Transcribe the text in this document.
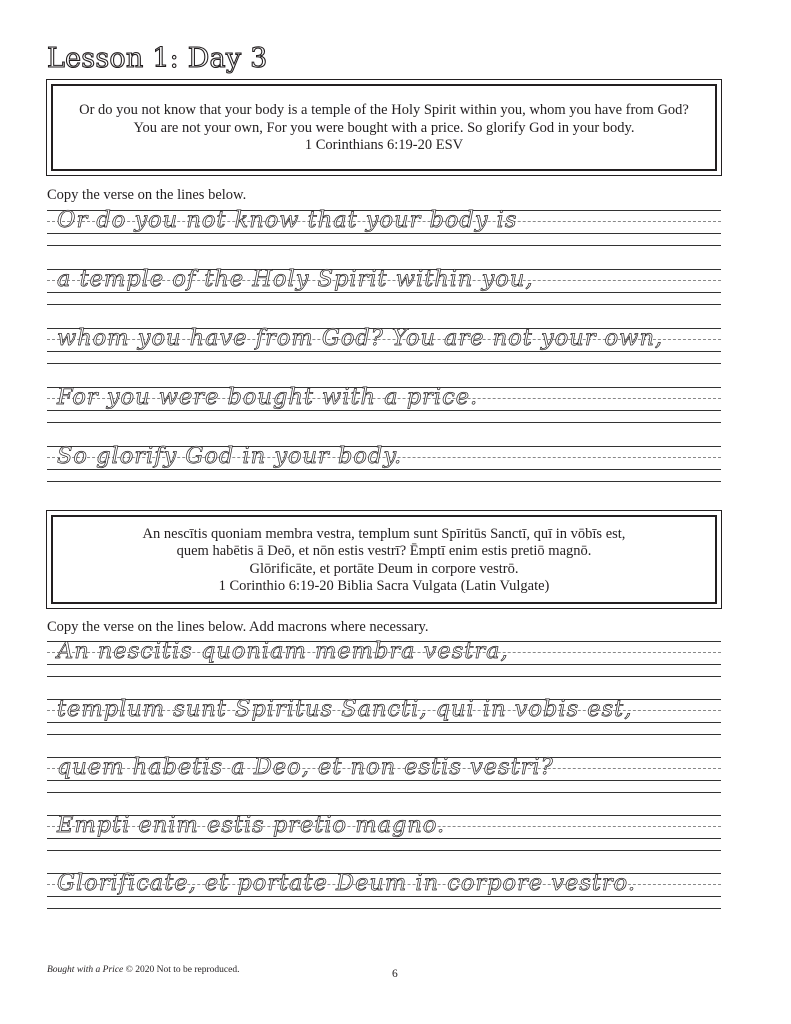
Lesson 1: Day 3
Or do you not know that your body is a temple of the Holy Spirit within you, whom you have from God?
You are not your own, For you were bought with a price. So glorify God in your body.
1 Corinthians 6:19-20 ESV
Copy the verse on the lines below.
Or do you not know that your body is
a temple of the Holy Spirit within you,
whom you have from God? You are not your own,
For you were bought with a price.
So glorify God in your body.
An nescītis quoniam membra vestra, templum sunt Spīritūs Sanctī, quī in vōbīs est,
quem habētis ā Deō, et nōn estis vestrī? Ēmptī enim estis pretiō magnō.
Glōrificāte, et portāte Deum in corpore vestrō.
1 Corinthio 6:19-20 Biblia Sacra Vulgata (Latin Vulgate)
Copy the verse on the lines below. Add macrons where necessary.
An nescitis quoniam membra vestra,
templum sunt Spiritus Sancti, qui in vobis est,
quem habetis a Deo, et non estis vestri?
Empti enim estis pretio magno.
Glorificate, et portate Deum in corpore vestro.
Bought with a Price © 2020 Not to be reproduced.	6
